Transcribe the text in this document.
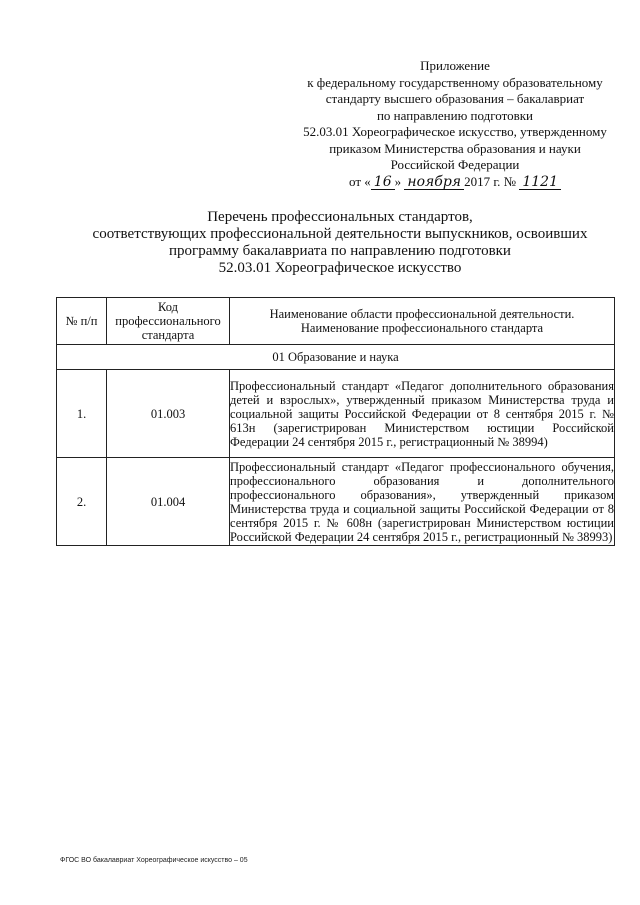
Приложение
к федеральному государственному образовательному
стандарту высшего образования – бакалавриат
по направлению подготовки
52.03.01 Хореографическое искусство, утвержденному
приказом Министерства образования и науки
Российской Федерации
от « 16 » ноября 2017 г. № 1121
Перечень профессиональных стандартов,
соответствующих профессиональной деятельности выпускников, освоивших
программу бакалавриата по направлению подготовки
52.03.01 Хореографическое искусство
№ п/п	Код профессионального стандарта	Наименование области профессиональной деятельности. Наименование профессионального стандарта
01 Образование и наука		
1.	01.003	Профессиональный стандарт «Педагог дополнительного образования детей и взрослых», утвержденный приказом Министерства труда и социальной защиты Российской Федерации от 8 сентября 2015 г. № 613н (зарегистрирован Министерством юстиции Российской Федерации 24 сентября 2015 г., регистрационный № 38994)
2.	01.004	Профессиональный стандарт «Педагог профессионального обучения, профессионального образования и дополнительного профессионального образования», утвержденный приказом Министерства труда и социальной защиты Российской Федерации от 8 сентября 2015 г. № 608н (зарегистрирован Министерством юстиции Российской Федерации 24 сентября 2015 г., регистрационный № 38993)
ФГОС ВО бакалавриат Хореографическое искусство – 05
